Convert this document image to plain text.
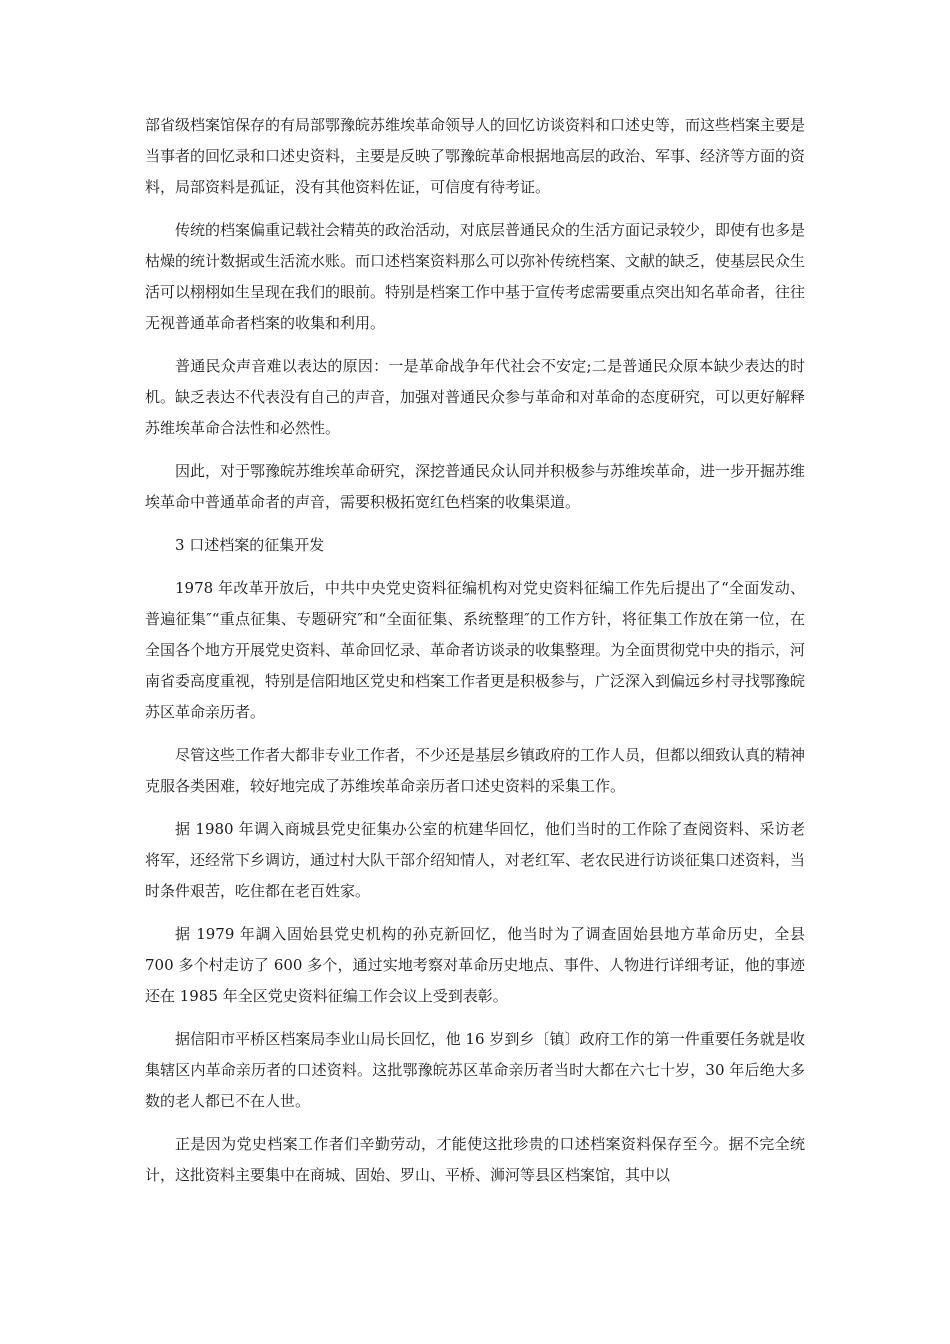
部省级档案馆保存的有局部鄂豫皖苏维埃革命领导人的回忆访谈资料和口述史等，而这些档案主要是当事者的回忆录和口述史资料，主要是反映了鄂豫皖革命根据地高层的政治、军事、经济等方面的资料，局部资料是孤证，没有其他资料佐证，可信度有待考证。

传统的档案偏重记载社会精英的政治活动，对底层普通民众的生活方面记录较少，即使有也多是枯燥的统计数据或生活流水账。而口述档案资料那么可以弥补传统档案、文献的缺乏，使基层民众生活可以栩栩如生呈现在我们的眼前。特别是档案工作中基于宣传考虑需要重点突出知名革命者，往往无视普通革命者档案的收集和利用。

普通民众声音难以表达的原因：一是革命战争年代社会不安定;二是普通民众原本缺少表达的时机。缺乏表达不代表没有自己的声音，加强对普通民众参与革命和对革命的态度研究，可以更好解释苏维埃革命合法性和必然性。

因此，对于鄂豫皖苏维埃革命研究，深挖普通民众认同并积极参与苏维埃革命，进一步开掘苏维埃革命中普通革命者的声音，需要积极拓宽红色档案的收集渠道。

3 口述档案的征集开发

1978 年改革开放后，中共中央党史资料征编机构对党史资料征编工作先后提出了“全面发动、普遍征集″“重点征集、专题研究″和“全面征集、系统整理″的工作方针，将征集工作放在第一位，在全国各个地方开展党史资料、革命回忆录、革命者访谈录的收集整理。为全面贯彻党中央的指示，河南省委高度重视，特别是信阳地区党史和档案工作者更是积极参与，广泛深入到偏远乡村寻找鄂豫皖苏区革命亲历者。

尽管这些工作者大都非专业工作者，不少还是基层乡镇政府的工作人员，但都以细致认真的精神克服各类困难，较好地完成了苏维埃革命亲历者口述史资料的采集工作。

据 1980 年调入商城县党史征集办公室的杭建华回忆，他们当时的工作除了查阅资料、采访老将军，还经常下乡调访，通过村大队干部介绍知情人，对老红军、老农民进行访谈征集口述资料，当时条件艰苦，吃住都在老百姓家。

据 1979 年調入固始县党史机构的孙克新回忆，他当时为了调查固始县地方革命历史，全县 700 多个村走访了 600 多个，通过实地考察对革命历史地点、事件、人物进行详细考证，他的事迹还在 1985 年全区党史资料征编工作会议上受到表彰。

据信阳市平桥区档案局李业山局长回忆，他 16 岁到乡〔镇〕政府工作的第一件重要任务就是收集辖区内革命亲历者的口述资料。这批鄂豫皖苏区革命亲历者当时大都在六七十岁，30 年后绝大多数的老人都已不在人世。

正是因为党史档案工作者们辛勤劳动，才能使这批珍贵的口述档案资料保存至今。据不完全统计，这批资料主要集中在商城、固始、罗山、平桥、浉河等县区档案馆，其中以
